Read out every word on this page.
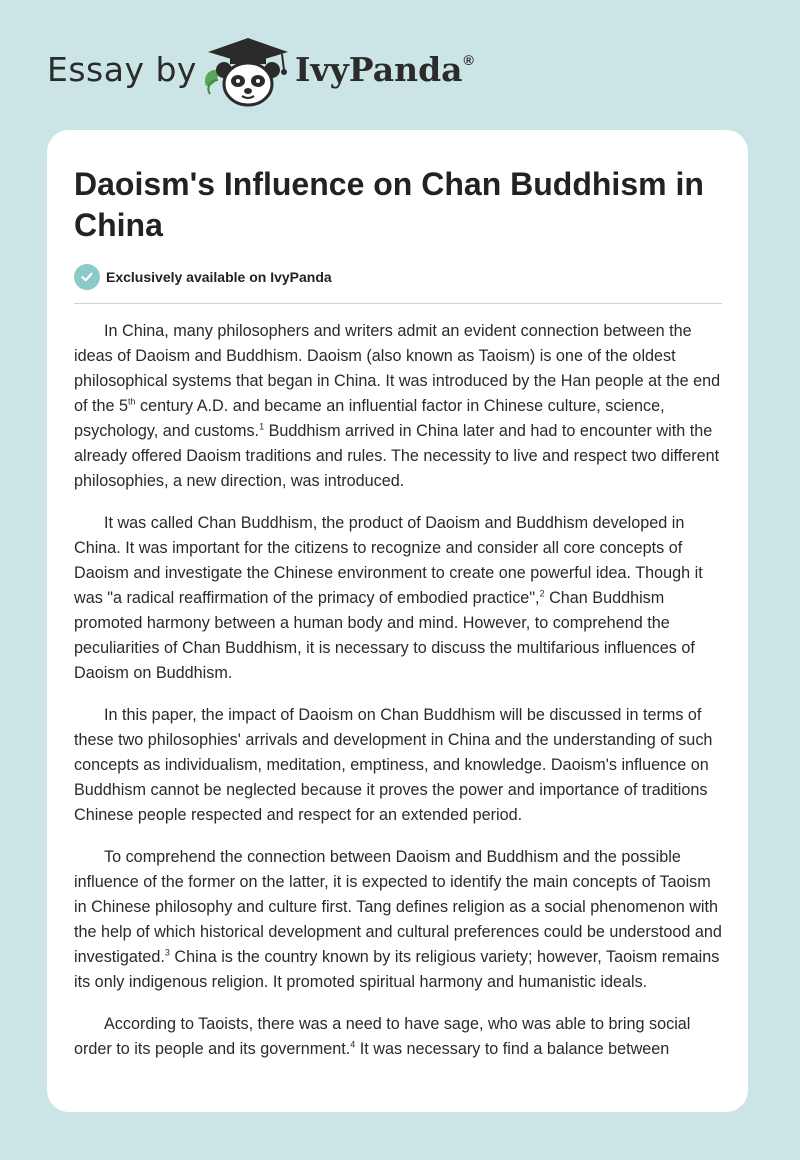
Essay by	IvyPanda®
Daoism's Influence on Chan Buddhism in China
Exclusively available on IvyPanda

In China, many philosophers and writers admit an evident connection between the ideas of Daoism and Buddhism. Daoism (also known as Taoism) is one of the oldest philosophical systems that began in China. It was introduced by the Han people at the end of the 5th century A.D. and became an influential factor in Chinese culture, science, psychology, and customs.$^1$ Buddhism arrived in China later and had to encounter with the already offered Daoism traditions and rules. The necessity to live and respect two different philosophies, a new direction, was introduced.

It was called Chan Buddhism, the product of Daoism and Buddhism developed in China. It was important for the citizens to recognize and consider all core concepts of Daoism and investigate the Chinese environment to create one powerful idea. Though it was "a radical reaffirmation of the primacy of embodied practice",$^2$ Chan Buddhism promoted harmony between a human body and mind. However, to comprehend the peculiarities of Chan Buddhism, it is necessary to discuss the multifarious influences of Daoism on Buddhism.

In this paper, the impact of Daoism on Chan Buddhism will be discussed in terms of these two philosophies' arrivals and development in China and the understanding of such concepts as individualism, meditation, emptiness, and knowledge. Daoism's influence on Buddhism cannot be neglected because it proves the power and importance of traditions Chinese people respected and respect for an extended period.

To comprehend the connection between Daoism and Buddhism and the possible influence of the former on the latter, it is expected to identify the main concepts of Taoism in Chinese philosophy and culture first. Tang defines religion as a social phenomenon with the help of which historical development and cultural preferences could be understood and investigated.$^3$ China is the country known by its religious variety; however, Taoism remains its only indigenous religion. It promoted spiritual harmony and humanistic ideals.

According to Taoists, there was a need to have sage, who was able to bring social order to its people and its government.$^4$ It was necessary to find a balance between
